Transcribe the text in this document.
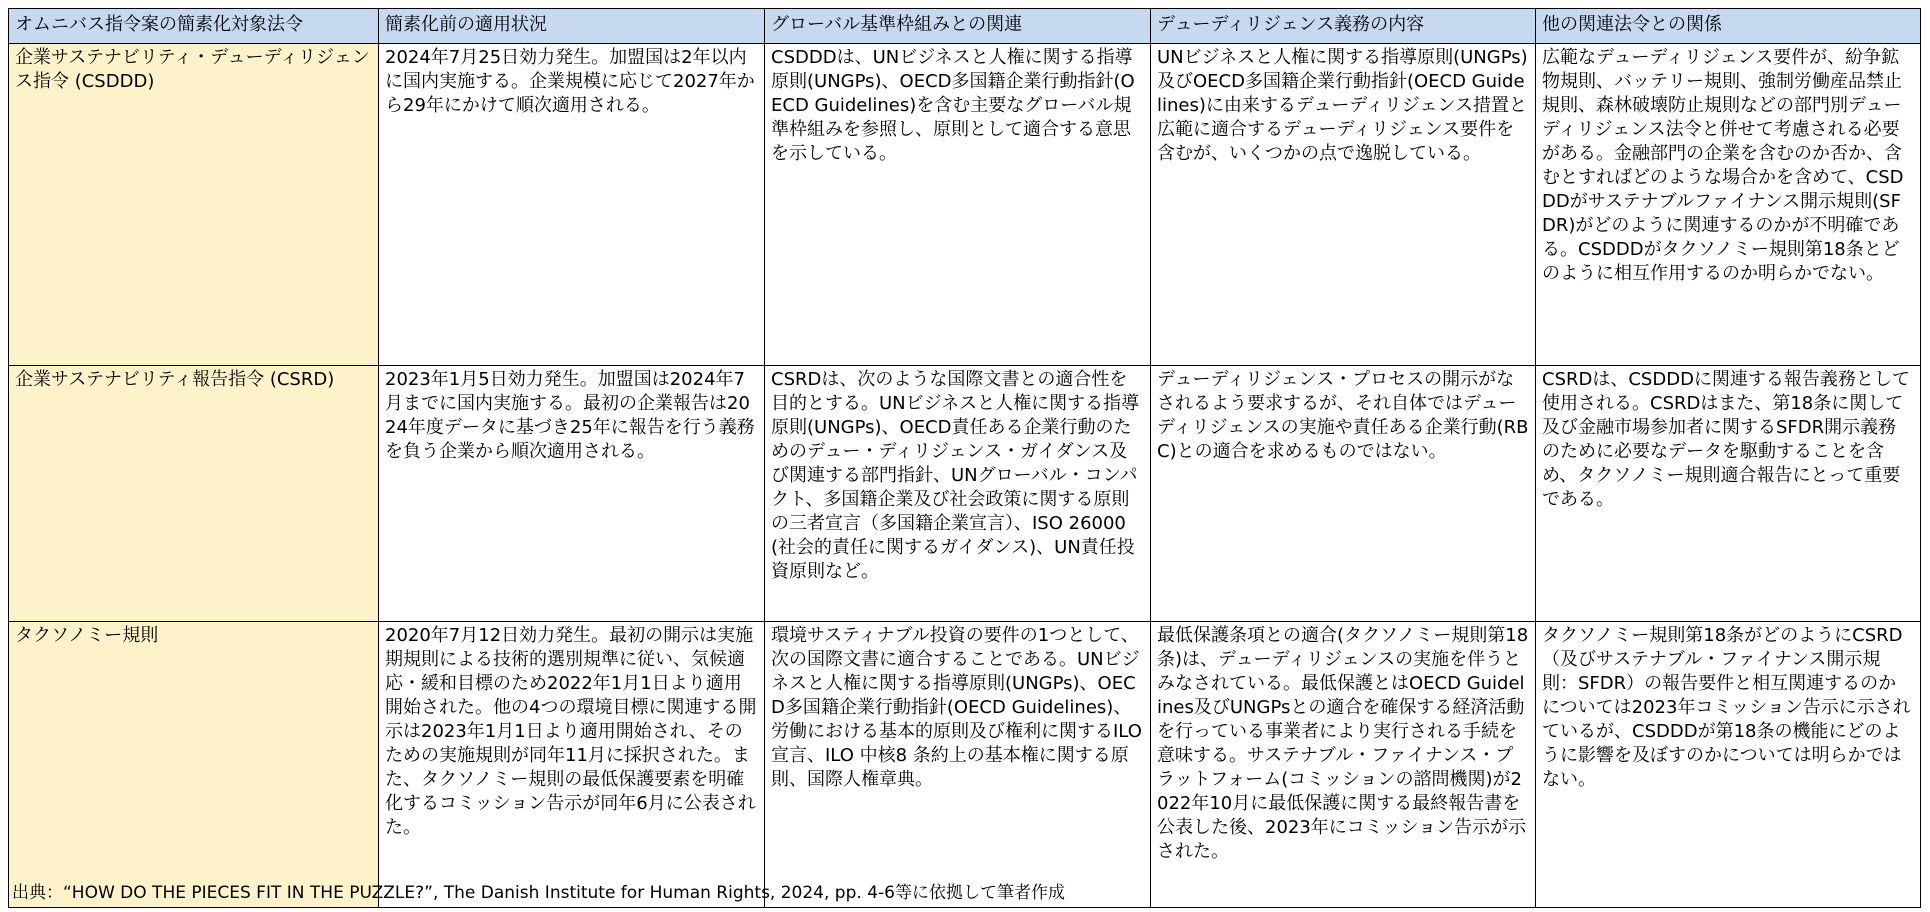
オムニバス指令案の簡素化対象法令	簡素化前の適用状況	グローバル基準枠組みとの関連	デューディリジェンス義務の内容	他の関連法令との関係
企業サステナビリティ・デューディリジェンス指令 (CSDDD)	2024年7月25日効力発生。加盟国は2年以内に国内実施する。企業規模に応じて2027年から29年にかけて順次適用される。	CSDDDは、UNビジネスと人権に関する指導原則(UNGPs)、OECD多国籍企業行動指針(OECD Guidelines)を含む主要なグローバル規準枠組みを参照し、原則として適合する意思を示している。	UNビジネスと人権に関する指導原則(UNGPs)及びOECD多国籍企業行動指針(OECD Guidelines)に由来するデューディリジェンス措置と広範に適合するデューディリジェンス要件を含むが、いくつかの点で逸脱している。	広範なデューディリジェンス要件が、紛争鉱物規則、バッテリー規則、強制労働産品禁止規則、森林破壊防止規則などの部門別デューディリジェンス法令と併せて考慮される必要がある。金融部門の企業を含むのか否か、含むとすればどのような場合かを含めて、CSDDDがサステナブルファイナンス開示規則(SFDR)がどのように関連するのかが不明確である。CSDDDがタクソノミー規則第18条とどのように相互作用するのか明らかでない。
企業サステナビリティ報告指令 (CSRD)	2023年1月5日効力発生。加盟国は2024年7月までに国内実施する。最初の企業報告は2024年度データに基づき25年に報告を行う義務を負う企業から順次適用される。	CSRDは、次のような国際文書との適合性を目的とする。UNビジネスと人権に関する指導原則(UNGPs)、OECD責任ある企業行動のためのデュー・ディリジェンス・ガイダンス及び関連する部門指針、UNグローバル・コンパクト、多国籍企業及び社会政策に関する原則の三者宣言（多国籍企業宣言）、ISO 26000(社会的責任に関するガイダンス)、UN責任投資原則など。	デューディリジェンス・プロセスの開示がなされるよう要求するが、それ自体ではデューディリジェンスの実施や責任ある企業行動(RBC)との適合を求めるものではない。	CSRDは、CSDDDに関連する報告義務として使用される。CSRDはまた、第18条に関して及び金融市場参加者に関するSFDR開示義務のために必要なデータを駆動することを含め、タクソノミー規則適合報告にとって重要である。
タクソノミー規則	2020年7月12日効力発生。最初の開示は実施期規則による技術的選別規準に従い、気候適応・緩和目標のため2022年1月1日より適用開始された。他の4つの環境目標に関連する開示は2023年1月1日より適用開始され、そのための実施規則が同年11月に採択された。また、タクソノミー規則の最低保護要素を明確化するコミッション告示が同年6月に公表された。	環境サスティナブル投資の要件の1つとして、次の国際文書に適合することである。UNビジネスと人権に関する指導原則(UNGPs)、OECD多国籍企業行動指針(OECD Guidelines)、労働における基本的原則及び権利に関するILO宣言、ILO 中核8 条約上の基本権に関する原則、国際人権章典。	最低保護条項との適合(タクソノミー規則第18条)は、デューディリジェンスの実施を伴うとみなされている。最低保護とはOECD Guidelines及びUNGPsとの適合を確保する経済活動を行っている事業者により実行される手続を意味する。サステナブル・ファイナンス・プラットフォーム(コミッションの諮問機関)が2022年10月に最低保護に関する最終報告書を公表した後、2023年にコミッション告示が示された。	タクソノミー規則第18条がどのようにCSRD（及びサステナブル・ファイナンス開示規則：SFDR）の報告要件と相互関連するのかについては2023年コミッション告示に示されているが、CSDDDが第18条の機能にどのように影響を及ぼすのかについては明らかではない。
出典：“HOW DO THE PIECES FIT IN THE PUZZLE?”, The Danish Institute for Human Rights, 2024, pp. 4-6等に依拠して筆者作成
